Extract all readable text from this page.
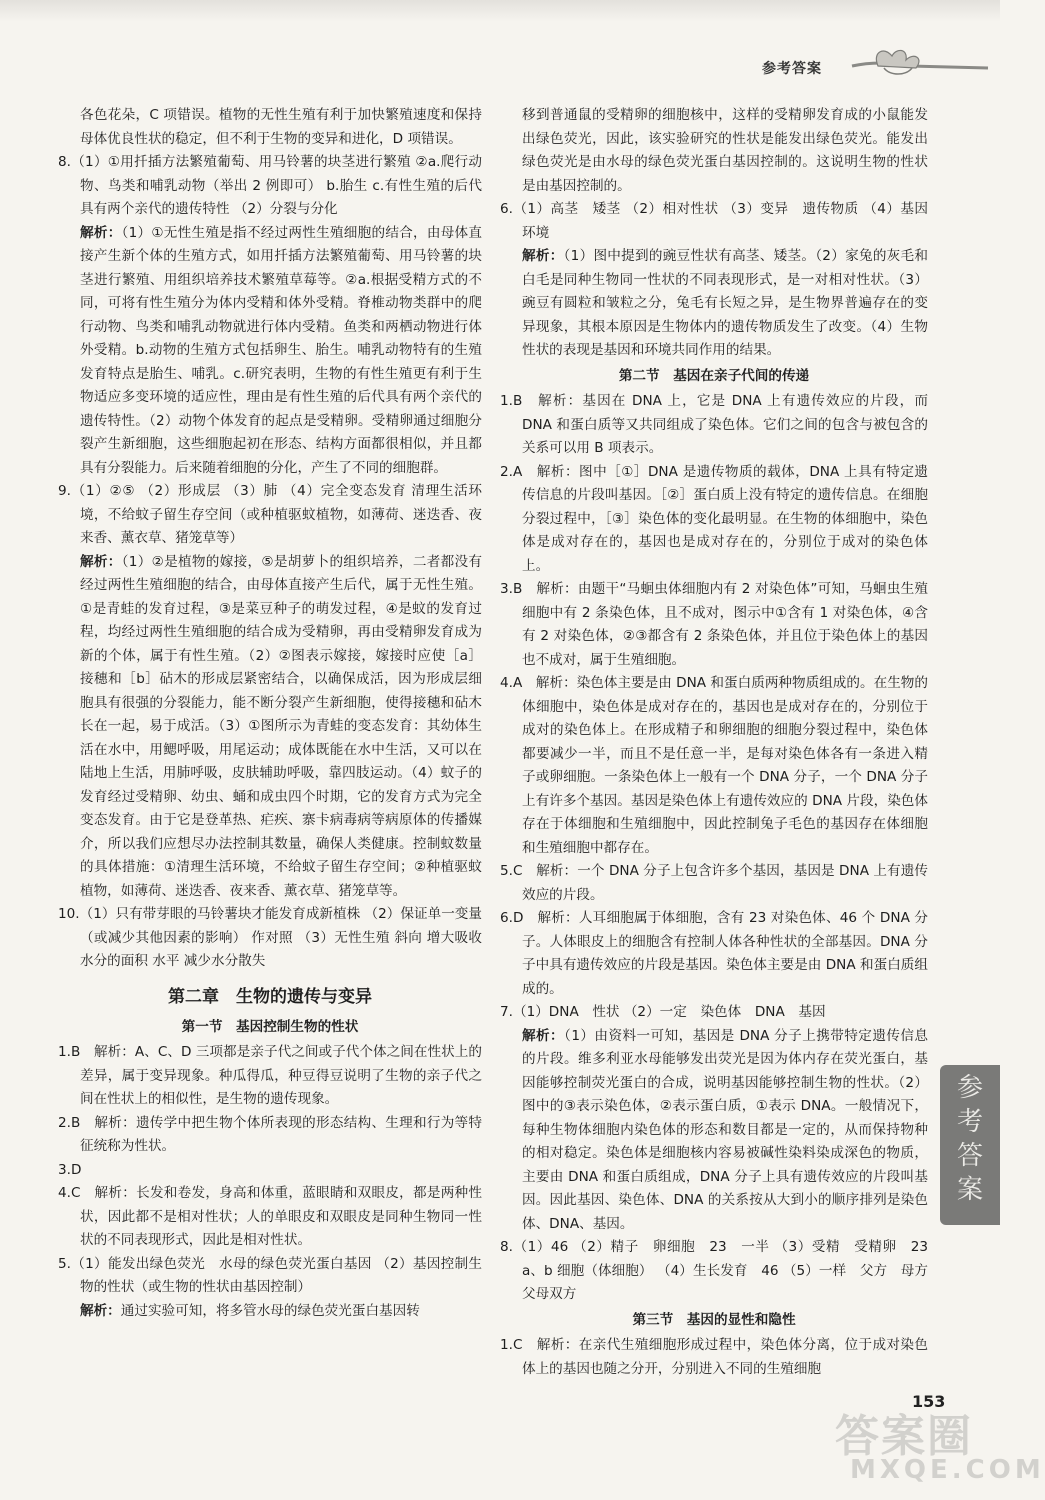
参考答案

各色花朵，C 项错误。植物的无性生殖有利于加快繁殖速度和保持母体优良性状的稳定，但不利于生物的变异和进化，D 项错误。

8.（1）①用扦插方法繁殖葡萄、用马铃薯的块茎进行繁殖 ②a.爬行动物、鸟类和哺乳动物（举出 2 例即可） b.胎生 c.有性生殖的后代具有两个亲代的遗传特性 （2）分裂与分化

解析：（1）①无性生殖是指不经过两性生殖细胞的结合，由母体直接产生新个体的生殖方式，如用扦插方法繁殖葡萄、用马铃薯的块茎进行繁殖、用组织培养技术繁殖草莓等。②a.根据受精方式的不同，可将有性生殖分为体内受精和体外受精。脊椎动物类群中的爬行动物、鸟类和哺乳动物就进行体内受精。鱼类和两栖动物进行体外受精。b.动物的生殖方式包括卵生、胎生。哺乳动物特有的生殖发育特点是胎生、哺乳。c.研究表明，生物的有性生殖更有利于生物适应多变环境的适应性，理由是有性生殖的后代具有两个亲代的遗传特性。（2）动物个体发育的起点是受精卵。受精卵通过细胞分裂产生新细胞，这些细胞起初在形态、结构方面都很相似，并且都具有分裂能力。后来随着细胞的分化，产生了不同的细胞群。

9.（1）②⑤ （2）形成层 （3）肺 （4）完全变态发育 清理生活环境，不给蚊子留生存空间（或种植驱蚊植物，如薄荷、迷迭香、夜来香、薰衣草、猪笼草等）

解析：（1）②是植物的嫁接，⑤是胡萝卜的组织培养，二者都没有经过两性生殖细胞的结合，由母体直接产生后代，属于无性生殖。①是青蛙的发育过程，③是菜豆种子的萌发过程，④是蚊的发育过程，均经过两性生殖细胞的结合成为受精卵，再由受精卵发育成为新的个体，属于有性生殖。（2）②图表示嫁接，嫁接时应使［a］接穗和［b］砧木的形成层紧密结合，以确保成活，因为形成层细胞具有很强的分裂能力，能不断分裂产生新细胞，使得接穗和砧木长在一起，易于成活。（3）①图所示为青蛙的变态发育：其幼体生活在水中，用鳃呼吸，用尾运动；成体既能在水中生活，又可以在陆地上生活，用肺呼吸，皮肤辅助呼吸，靠四肢运动。（4）蚊子的发育经过受精卵、幼虫、蛹和成虫四个时期，它的发育方式为完全变态发育。由于它是登革热、疟疾、寨卡病毒病等病原体的传播媒介，所以我们应想尽办法控制其数量，确保人类健康。控制蚊数量的具体措施：①清理生活环境，不给蚊子留生存空间；②种植驱蚊植物，如薄荷、迷迭香、夜来香、薰衣草、猪笼草等。

10.（1）只有带芽眼的马铃薯块才能发育成新植株 （2）保证单一变量（或减少其他因素的影响） 作对照 （3）无性生殖 斜向 增大吸收水分的面积 水平 减少水分散失

第二章　生物的遗传与变异
第一节　基因控制生物的性状

1.B　解析：A、C、D 三项都是亲子代之间或子代个体之间在性状上的差异，属于变异现象。种瓜得瓜，种豆得豆说明了生物的亲子代之间在性状上的相似性，是生物的遗传现象。

2.B　解析：遗传学中把生物个体所表现的形态结构、生理和行为等特征统称为性状。

3.D

4.C　解析：长发和卷发，身高和体重，蓝眼睛和双眼皮，都是两种性状，因此都不是相对性状；人的单眼皮和双眼皮是同种生物同一性状的不同表现形式，因此是相对性状。

5.（1）能发出绿色荧光　水母的绿色荧光蛋白基因 （2）基因控制生物的性状（或生物的性状由基因控制）

解析：通过实验可知，将多管水母的绿色荧光蛋白基因转

移到普通鼠的受精卵的细胞核中，这样的受精卵发育成的小鼠能发出绿色荧光，因此，该实验研究的性状是能发出绿色荧光。能发出绿色荧光是由水母的绿色荧光蛋白基因控制的。这说明生物的性状是由基因控制的。

6.（1）高茎　矮茎 （2）相对性状 （3）变异　遗传物质 （4）基因　环境

解析：（1）图中提到的豌豆性状有高茎、矮茎。（2）家兔的灰毛和白毛是同种生物同一性状的不同表现形式，是一对相对性状。（3）豌豆有圆粒和皱粒之分，兔毛有长短之异，是生物界普遍存在的变异现象，其根本原因是生物体内的遗传物质发生了改变。（4）生物性状的表现是基因和环境共同作用的结果。

第二节　基因在亲子代间的传递

1.B　解析：基因在 DNA 上，它是 DNA 上有遗传效应的片段，而 DNA 和蛋白质等又共同组成了染色体。它们之间的包含与被包含的关系可以用 B 项表示。

2.A　解析：图中［①］DNA 是遗传物质的载体，DNA 上具有特定遗传信息的片段叫基因。［②］蛋白质上没有特定的遗传信息。在细胞分裂过程中，［③］染色体的变化最明显。在生物的体细胞中，染色体是成对存在的，基因也是成对存在的，分别位于成对的染色体上。

3.B　解析：由题干“马蛔虫体细胞内有 2 对染色体”可知，马蛔虫生殖细胞中有 2 条染色体，且不成对，图示中①含有 1 对染色体，④含有 2 对染色体，②③都含有 2 条染色体，并且位于染色体上的基因也不成对，属于生殖细胞。

4.A　解析：染色体主要是由 DNA 和蛋白质两种物质组成的。在生物的体细胞中，染色体是成对存在的，基因也是成对存在的，分别位于成对的染色体上。在形成精子和卵细胞的细胞分裂过程中，染色体都要减少一半，而且不是任意一半，是每对染色体各有一条进入精子或卵细胞。一条染色体上一般有一个 DNA 分子，一个 DNA 分子上有许多个基因。基因是染色体上有遗传效应的 DNA 片段，染色体存在于体细胞和生殖细胞中，因此控制兔子毛色的基因存在体细胞和生殖细胞中都存在。

5.C　解析：一个 DNA 分子上包含许多个基因，基因是 DNA 上有遗传效应的片段。

6.D　解析：人耳细胞属于体细胞，含有 23 对染色体、46 个 DNA 分子。人体眼皮上的细胞含有控制人体各种性状的全部基因。DNA 分子中具有遗传效应的片段是基因。染色体主要是由 DNA 和蛋白质组成的。

7.（1）DNA　性状 （2）一定　染色体　DNA　基因

解析：（1）由资料一可知，基因是 DNA 分子上携带特定遗传信息的片段。维多利亚水母能够发出荧光是因为体内存在荧光蛋白，基因能够控制荧光蛋白的合成，说明基因能够控制生物的性状。（2）图中的③表示染色体，②表示蛋白质，①表示 DNA。一般情况下，每种生物体细胞内染色体的形态和数目都是一定的，从而保持物种的相对稳定。染色体是细胞核内容易被碱性染料染成深色的物质，主要由 DNA 和蛋白质组成，DNA 分子上具有遗传效应的片段叫基因。因此基因、染色体、DNA 的关系按从大到小的顺序排列是染色体、DNA、基因。

8.（1）46 （2）精子　卵细胞　23　一半 （3）受精　受精卵　23　a、b 细胞（体细胞） （4）生长发育　46 （5）一样　父方　母方　父母双方

第三节　基因的显性和隐性

1.C　解析：在亲代生殖细胞形成过程中，染色体分离，位于成对染色体上的基因也随之分开，分别进入不同的生殖细胞

参
考
答
案
答案圈
MXQE.COM
153
